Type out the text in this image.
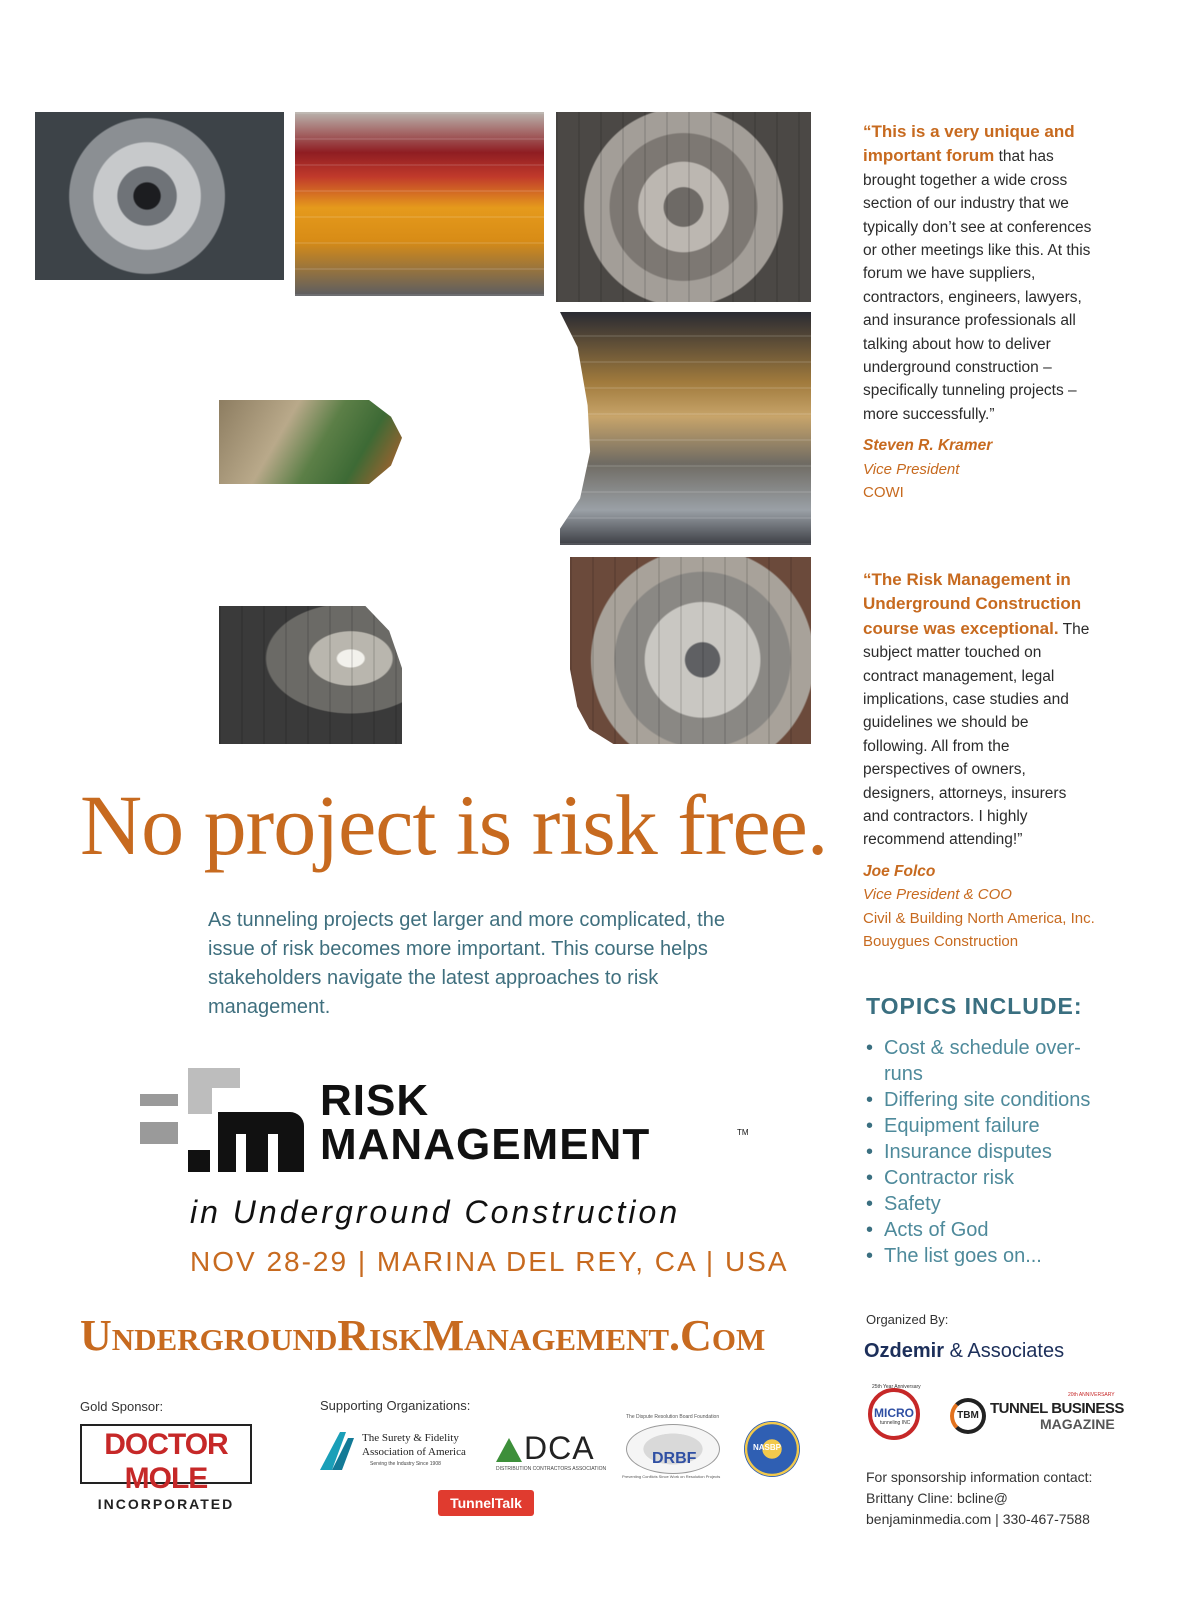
No project is risk free.
As tunneling projects get larger and more complicated, the issue of risk becomes more important. This course helps stakeholders navigate the latest approaches to risk management.
RISK
MANAGEMENT	TM
in Underground Construction
NOV 28-29 | MARINA DEL REY, CA | USA
UndergroundRiskManagement.Com
Gold Sponsor:
DOCTOR MOLE
INCORPORATED
Supporting Organizations:
The Surety & Fidelity
Association of America
Serving the Industry Since 1908	DCA
DISTRIBUTION CONTRACTORS ASSOCIATION
The Dispute Resolution Board Foundation
DRBF
Preventing Conflicts Since Work on Resolution Projects
NASBP
TunnelTalk
“This is a very unique and important forum that has brought together a wide cross section of our industry that we typically don’t see at conferences or other meetings like this. At this forum we have suppliers, contractors, engineers, lawyers, and insurance professionals all talking about how to deliver underground construction – specifically tunneling projects – more successfully.”
Steven R. Kramer
Vice President
COWI
“The Risk Management in Underground Construction course was exceptional. The subject matter touched on contract management, legal implications, case studies and guidelines we should be following. All from the perspectives of owners, designers, attorneys, insurers and contractors. I highly recommend attending!”
Joe Folco
Vice President & COO
Civil & Building North America, Inc.
Bouygues Construction
TOPICS INCLUDE:
• Cost & schedule over-runs
• Differing site conditions
• Equipment failure
• Insurance disputes
• Contractor risk
• Safety
• Acts of God
• The list goes on...
Organized By:
Ozdemir & Associates
25th Year Anniversary
MICRO
tunneling INC
TBM
20th ANNIVERSARY
TUNNEL BUSINESS
MAGAZINE
For sponsorship information contact: Brittany Cline: bcline@ benjaminmedia.com | 330-467-7588
